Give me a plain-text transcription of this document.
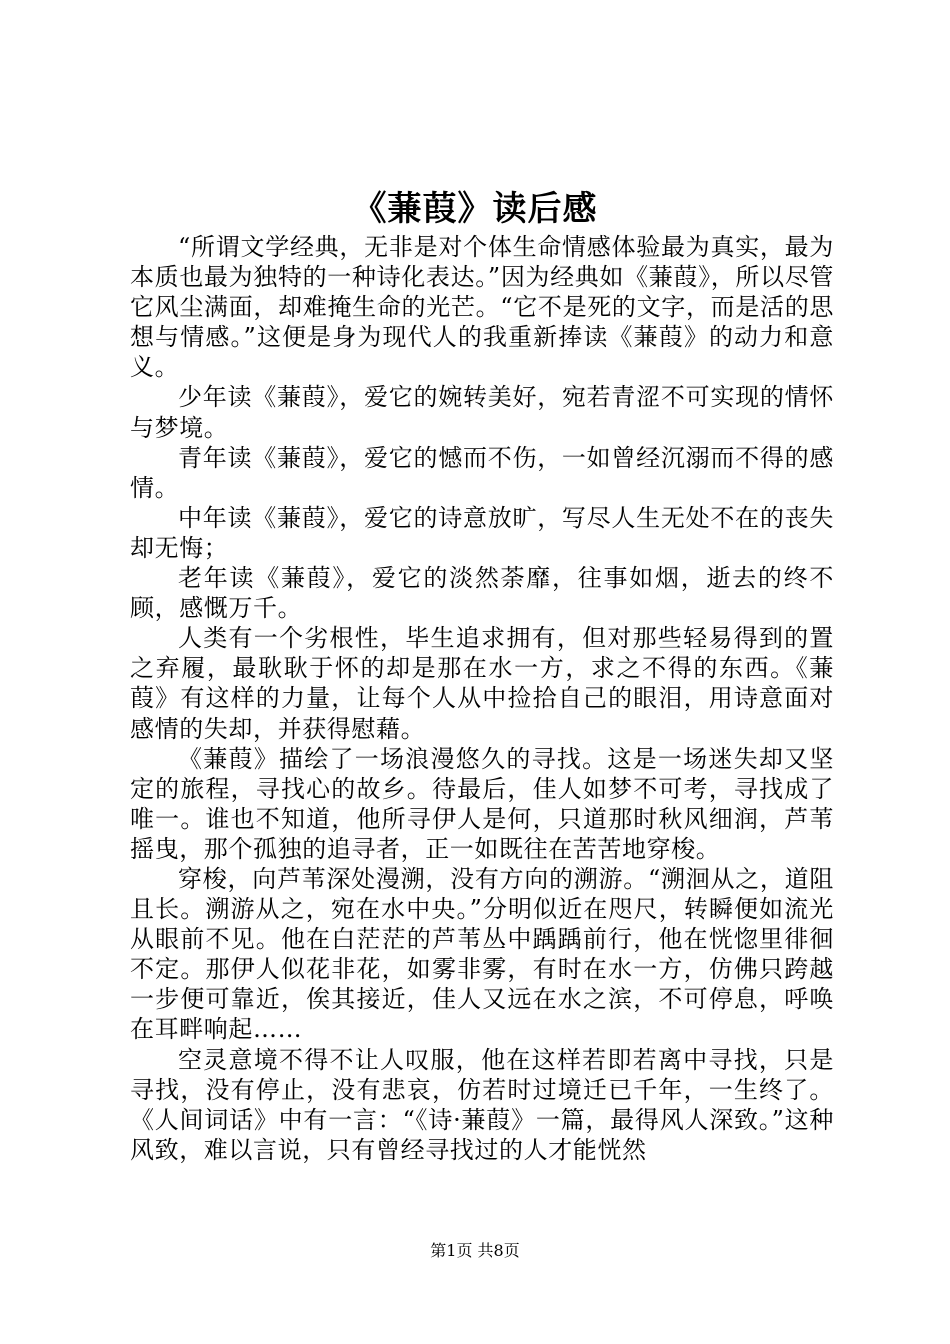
《蒹葭》读后感

“所谓文学经典，无非是对个体生命情感体验最为真实，最为本质也最为独特的一种诗化表达。”因为经典如《蒹葭》，所以尽管它风尘满面，却难掩生命的光芒。“它不是死的文字，而是活的思想与情感。”这便是身为现代人的我重新捧读《蒹葭》的动力和意义。

少年读《蒹葭》，爱它的婉转美好，宛若青涩不可实现的情怀与梦境。

青年读《蒹葭》，爱它的憾而不伤，一如曾经沉溺而不得的感情。

中年读《蒹葭》，爱它的诗意放旷，写尽人生无处不在的丧失却无悔；

老年读《蒹葭》，爱它的淡然荼靡，往事如烟，逝去的终不顾，感慨万千。

人类有一个劣根性，毕生追求拥有，但对那些轻易得到的置之弃履，最耿耿于怀的却是那在水一方，求之不得的东西。《蒹葭》有这样的力量，让每个人从中捡拾自己的眼泪，用诗意面对感情的失却，并获得慰藉。

《蒹葭》描绘了一场浪漫悠久的寻找。这是一场迷失却又坚定的旅程，寻找心的故乡。待最后，佳人如梦不可考，寻找成了唯一。谁也不知道，他所寻伊人是何，只道那时秋风细润，芦苇摇曳，那个孤独的追寻者，正一如既往在苦苦地穿梭。

穿梭，向芦苇深处漫溯，没有方向的溯游。“溯洄从之，道阻且长。溯游从之，宛在水中央。”分明似近在咫尺，转瞬便如流光从眼前不见。他在白茫茫的芦苇丛中踽踽前行，他在恍惚里徘徊不定。那伊人似花非花，如雾非雾，有时在水一方，仿佛只跨越一步便可靠近，俟其接近，佳人又远在水之滨，不可停息，呼唤在耳畔响起……

空灵意境不得不让人叹服，他在这样若即若离中寻找，只是寻找，没有停止，没有悲哀，仿若时过境迁已千年，一生终了。《人间词话》中有一言：“《诗·蒹葭》一篇，最得风人深致。”这种风致，难以言说，只有曾经寻找过的人才能恍然

第1页 共8页
